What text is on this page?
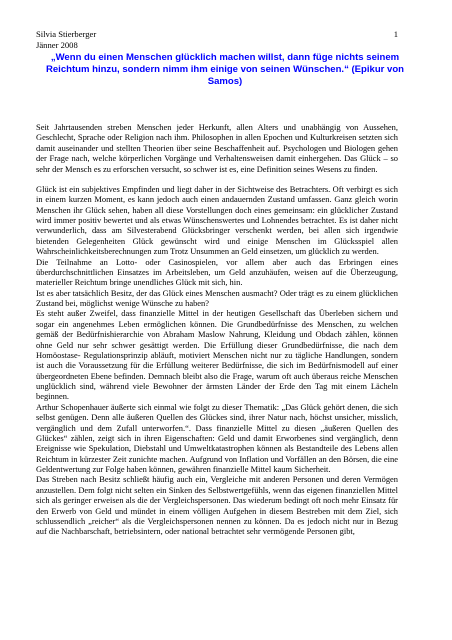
Silvia Stierberger
Jänner 2008
1
„Wenn du einen Menschen glücklich machen willst, dann füge nichts seinem Reichtum hinzu, sondern nimm ihm einige von seinen Wünschen.“ (Epikur von Samos)

Seit Jahrtausenden streben Menschen jeder Herkunft, allen Alters und unabhängig von Aussehen, Geschlecht, Sprache oder Religion nach ihm. Philosophen in allen Epochen und Kulturkreisen setzten sich damit auseinander und stellten Theorien über seine Beschaffenheit auf. Psychologen und Biologen gehen der Frage nach, welche körperlichen Vorgänge und Verhaltensweisen damit einhergehen. Das Glück – so sehr der Mensch es zu erforschen versucht, so schwer ist es, eine Definition seines Wesens zu finden.

Glück ist ein subjektives Empfinden und liegt daher in der Sichtweise des Betrachters. Oft verbirgt es sich in einem kurzen Moment, es kann jedoch auch einen andauernden Zustand umfassen. Ganz gleich worin Menschen ihr Glück sehen, haben all diese Vorstellungen doch eines gemeinsam: ein glücklicher Zustand wird immer positiv bewertet und als etwas Wünschenswertes und Lohnendes betrachtet. Es ist daher nicht verwunderlich, dass am Silvesterabend Glücksbringer verschenkt werden, bei allen sich irgendwie bietenden Gelegenheiten Glück gewünscht wird und einige Menschen im Glücksspiel allen Wahrscheinlichkeitsberechnungen zum Trotz Unsummen an Geld einsetzen, um glücklich zu werden.

Die Teilnahme an Lotto- oder Casinospielen, vor allem aber auch das Erbringen eines überdurchschnittlichen Einsatzes im Arbeitsleben, um Geld anzuhäufen, weisen auf die Überzeugung, materieller Reichtum bringe unendliches Glück mit sich, hin.

Ist es aber tatsächlich Besitz, der das Glück eines Menschen ausmacht? Oder trägt es zu einem glücklichen Zustand bei, möglichst wenige Wünsche zu haben?

Es steht außer Zweifel, dass finanzielle Mittel in der heutigen Gesellschaft das Überleben sichern und sogar ein angenehmes Leben ermöglichen können. Die Grundbedürfnisse des Menschen, zu welchen gemäß der Bedürfnishierarchie von Abraham Maslow Nahrung, Kleidung und Obdach zählen, können ohne Geld nur sehr schwer gesättigt werden. Die Erfüllung dieser Grundbedürfnisse, die nach dem Homöostase- Regulationsprinzip abläuft, motiviert Menschen nicht nur zu tägliche Handlungen, sondern ist auch die Voraussetzung für die Erfüllung weiterer Bedürfnisse, die sich im Bedürfnismodell auf einer übergeordneten Ebene befinden. Demnach bleibt also die Frage, warum oft auch überaus reiche Menschen unglücklich sind, während viele Bewohner der ärmsten Länder der Erde den Tag mit einem Lächeln beginnen.

Arthur Schopenhauer äußerte sich einmal wie folgt zu dieser Thematik: „Das Glück gehört denen, die sich selbst genügen. Denn alle äußeren Quellen des Glückes sind, ihrer Natur nach, höchst unsicher, misslich, vergänglich und dem Zufall unterworfen.“. Dass finanzielle Mittel zu diesen „äußeren Quellen des Glückes“ zählen, zeigt sich in ihren Eigenschaften: Geld und damit Erworbenes sind vergänglich, denn Ereignisse wie Spekulation, Diebstahl und Umweltkatastrophen können als Bestandteile des Lebens allen Reichtum in kürzester Zeit zunichte machen. Aufgrund von Inflation und Vorfällen an den Börsen, die eine Geldentwertung zur Folge haben können, gewähren finanzielle Mittel kaum Sicherheit.

Das Streben nach Besitz schließt häufig auch ein, Vergleiche mit anderen Personen und deren Vermögen anzustellen. Dem folgt nicht selten ein Sinken des Selbstwertgefühls, wenn das eigenen finanziellen Mittel sich als geringer erweisen als die der Vergleichspersonen. Das wiederum bedingt oft noch mehr Einsatz für den Erwerb von Geld und mündet in einem völligen Aufgehen in diesem Bestreben mit dem Ziel, sich schlussendlich „reicher“ als die Vergleichspersonen nennen zu können. Da es jedoch nicht nur in Bezug auf die Nachbarschaft, betriebsintern, oder national betrachtet sehr vermögende Personen gibt,
